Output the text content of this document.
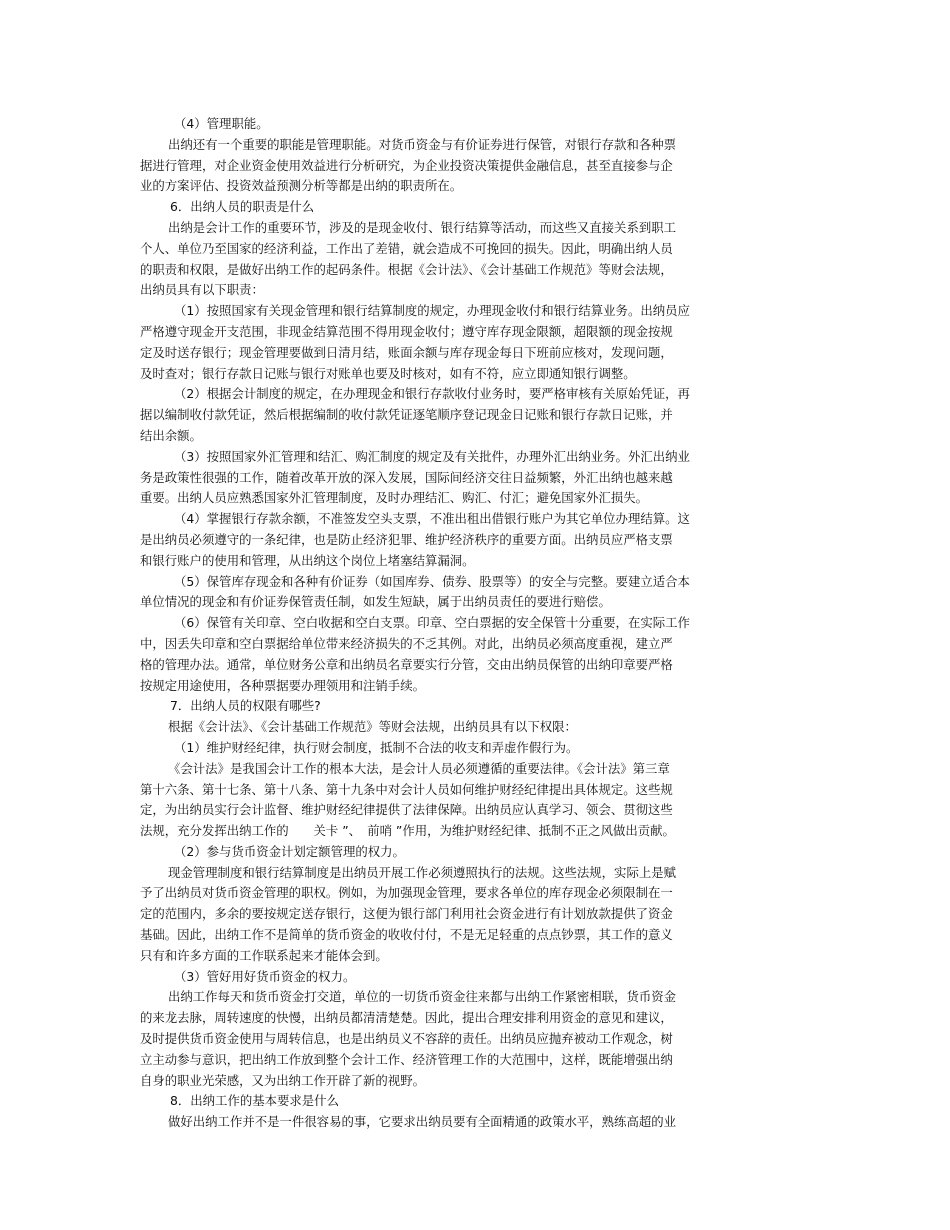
（4）管理职能。
出纳还有一个重要的职能是管理职能。对货币资金与有价证券进行保管，对银行存款和各种票
据进行管理，对企业资金使用效益进行分析研究，为企业投资决策提供金融信息，甚至直接参与企
业的方案评估、投资效益预测分析等都是出纳的职责所在。
6．出纳人员的职责是什么
出纳是会计工作的重要环节，涉及的是现金收付、银行结算等活动，而这些又直接关系到职工
个人、单位乃至国家的经济利益，工作出了差错，就会造成不可挽回的损失。因此，明确出纳人员
的职责和权限，是做好出纳工作的起码条件。根据《会计法》、《会计基础工作规范》等财会法规，
出纳员具有以下职责：
（1）按照国家有关现金管理和银行结算制度的规定，办理现金收付和银行结算业务。出纳员应
严格遵守现金开支范围，非现金结算范围不得用现金收付；遵守库存现金限额，超限额的现金按规
定及时送存银行；现金管理要做到日清月结，账面余额与库存现金每日下班前应核对，发现问题，
及时查对；银行存款日记账与银行对账单也要及时核对，如有不符，应立即通知银行调整。
（2）根据会计制度的规定，在办理现金和银行存款收付业务时，要严格审核有关原始凭证，再
据以编制收付款凭证，然后根据编制的收付款凭证逐笔顺序登记现金日记账和银行存款日记账，并
结出余额。
（3）按照国家外汇管理和结汇、购汇制度的规定及有关批件，办理外汇出纳业务。外汇出纳业
务是政策性很强的工作，随着改革开放的深入发展，国际间经济交往日益频繁，外汇出纳也越来越
重要。出纳人员应熟悉国家外汇管理制度，及时办理结汇、购汇、付汇；避免国家外汇损失。
（4）掌握银行存款余额，不准签发空头支票，不准出租出借银行账户为其它单位办理结算。这
是出纳员必须遵守的一条纪律，也是防止经济犯罪、维护经济秩序的重要方面。出纳员应严格支票
和银行账户的使用和管理，从出纳这个岗位上堵塞结算漏洞。
（5）保管库存现金和各种有价证券（如国库券、债券、股票等）的安全与完整。要建立适合本
单位情况的现金和有价证券保管责任制，如发生短缺，属于出纳员责任的要进行赔偿。
（6）保管有关印章、空白收据和空白支票。印章、空白票据的安全保管十分重要，在实际工作
中，因丢失印章和空白票据给单位带来经济损失的不乏其例。对此，出纳员必须高度重视，建立严
格的管理办法。通常，单位财务公章和出纳员名章要实行分管，交由出纳员保管的出纳印章要严格
按规定用途使用，各种票据要办理领用和注销手续。
7．出纳人员的权限有哪些?
根据《会计法》、《会计基础工作规范》等财会法规，出纳员具有以下权限：
（1）维护财经纪律，执行财会制度，抵制不合法的收支和弄虚作假行为。
《会计法》是我国会计工作的根本大法，是会计人员必须遵循的重要法律。《会计法》第三章
第十六条、第十七条、第十八条、第十九条中对会计人员如何维护财经纪律提出具体规定。这些规
定，为出纳员实行会计监督、维护财经纪律提供了法律保障。出纳员应认真学习、领会、贯彻这些
法规，充分发挥出纳工作的　　关卡 ”、　前哨 ”作用，为维护财经纪律、抵制不正之风做出贡献。
（2）参与货币资金计划定额管理的权力。
现金管理制度和银行结算制度是出纳员开展工作必须遵照执行的法规。这些法规，实际上是赋
予了出纳员对货币资金管理的职权。例如，为加强现金管理，要求各单位的库存现金必须限制在一
定的范围内，多余的要按规定送存银行，这便为银行部门利用社会资金进行有计划放款提供了资金
基础。因此，出纳工作不是简单的货币资金的收收付付，不是无足轻重的点点钞票，其工作的意义
只有和许多方面的工作联系起来才能体会到。
（3）管好用好货币资金的权力。
出纳工作每天和货币资金打交道，单位的一切货币资金往来都与出纳工作紧密相联，货币资金
的来龙去脉，周转速度的快慢，出纳员都清清楚楚。因此，提出合理安排利用资金的意见和建议，
及时提供货币资金使用与周转信息，也是出纳员义不容辞的责任。出纳员应抛弃被动工作观念，树
立主动参与意识，把出纳工作放到整个会计工作、经济管理工作的大范围中，这样，既能增强出纳
自身的职业光荣感，又为出纳工作开辟了新的视野。
8．出纳工作的基本要求是什么
做好出纳工作并不是一件很容易的事，它要求出纳员要有全面精通的政策水平，熟练高超的业
